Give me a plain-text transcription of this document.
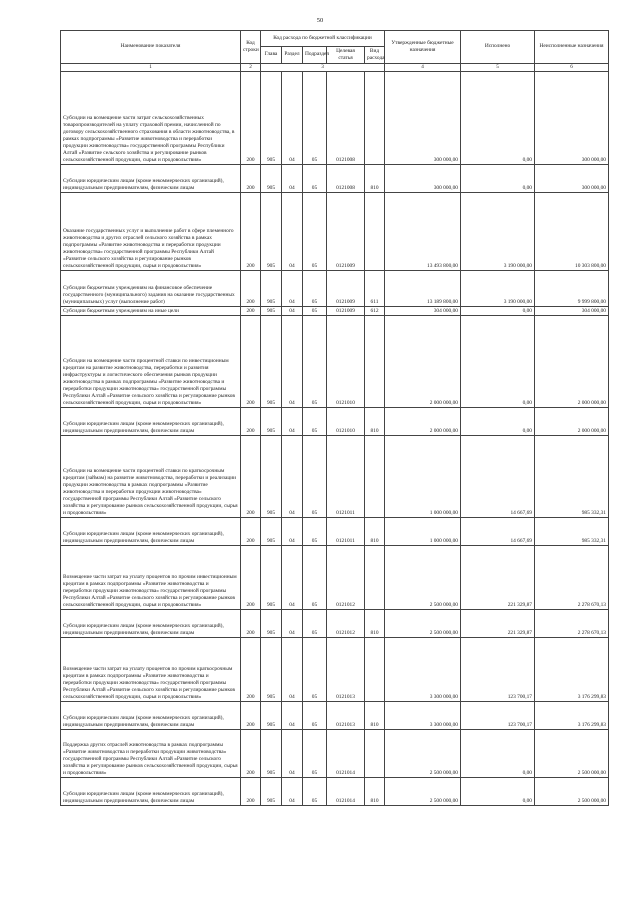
50
Наименование показателя	Код строки	Код расхода по бюджетной классификации					Утвержденные бюджетные назначения	Исполнено	Неисполненные назначения
		Глава	Раздел	Подраздел	Целевая статья	Вид расхода			
1	2	3					4	5	6
Субсидии на возмещение части затрат сельскохозяйственных товаропроизводителей на уплату страховой премии, начисленной по договору сельскохозяйственного страхования в области животноводства, в рамках подпрограммы «Развитие животноводства и переработки продукции животноводства» государственной программы Республики Алтай «Развитие сельского хозяйства и регулирование рынков сельскохозяйственной продукции, сырья и продовольствия»	200	905	04	05	0121008		300 000,00	0,00	300 000,00
Субсидии юридическим лицам (кроме некоммерческих организаций), индивидуальным предпринимателям, физическим лицам	200	905	04	05	0121008	810	300 000,00	0,00	300 000,00
Оказание государственных услуг и выполнение работ в сфере племенного животноводства и других отраслей сельского хозяйства в рамках подпрограммы «Развитие животноводства и переработки продукции животноводства» государственной программы Республики Алтай «Развитие сельского хозяйства и регулирование рынков сельскохозяйственной продукции, сырья и продовольствия»	200	905	04	05	0121009		13 493 800,00	3 190 000,00	10 303 800,00
Субсидии бюджетным учреждениям на финансовое обеспечение государственного (муниципального) задания на оказание государственных (муниципальных) услуг (выполнение работ)	200	905	04	05	0121009	611	13 189 800,00	3 190 000,00	9 999 800,00
Субсидии бюджетным учреждениям на иные цели	200	905	04	05	0121009	612	304 000,00	0,00	304 000,00
Субсидии на возмещение части процентной ставки по инвестиционным кредитам на развитие животноводства, переработки и развития инфраструктуры и логистического обеспечения рынков продукции животноводства в рамках подпрограммы «Развитие животноводства и переработки продукции животноводства» государственной программы Республики Алтай «Развитие сельского хозяйства и регулирование рынков сельскохозяйственной продукции, сырья и продовольствия»	200	905	04	05	0121010		2 000 000,00	0,00	2 000 000,00
Субсидии юридическим лицам (кроме некоммерческих организаций), индивидуальным предпринимателям, физическим лицам	200	905	04	05	0121010	810	2 000 000,00	0,00	2 000 000,00
Субсидии на возмещение части процентной ставки по краткосрочным кредитам (займам) на развитие животноводства, переработки и реализации продукции животноводства в рамках подпрограммы «Развитие животноводства и переработки продукции животноводства» государственной программы Республики Алтай «Развитие сельского хозяйства и регулирование рынков сельскохозяйственной продукции, сырья и продовольствия»	200	905	04	05	0121011		1 000 000,00	14 667,69	985 332,31
Субсидии юридическим лицам (кроме некоммерческих организаций), индивидуальным предпринимателям, физическим лицам	200	905	04	05	0121011	810	1 000 000,00	14 667,69	985 332,31
Возмещение части затрат на уплату процентов по прочим инвестиционным кредитам в рамках подпрограммы «Развитие животноводства и переработки продукции животноводства» государственной программы Республики Алтай «Развитие сельского хозяйства и регулирование рынков сельскохозяйственной продукции, сырья и продовольствия»	200	905	04	05	0121012		2 500 000,00	221 329,87	2 278 670,13
Субсидии юридическим лицам (кроме некоммерческих организаций), индивидуальным предпринимателям, физическим лицам	200	905	04	05	0121012	810	2 500 000,00	221 329,87	2 278 670,13
Возмещение части затрат на уплату процентов по прочим краткосрочным кредитам в рамках подпрограммы «Развитие животноводства и переработки продукции животноводства» государственной программы Республики Алтай «Развитие сельского хозяйства и регулирование рынков сельскохозяйственной продукции, сырья и продовольствия»	200	905	04	05	0121013		3 300 000,00	123 700,17	3 176 299,83
Субсидии юридическим лицам (кроме некоммерческих организаций), индивидуальным предпринимателям, физическим лицам	200	905	04	05	0121013	810	3 300 000,00	123 700,17	3 176 299,83
Поддержка других отраслей животноводства в рамках подпрограммы «Развитие животноводства и переработки продукции животноводства» государственной программы Республики Алтай «Развитие сельского хозяйства и регулирование рынков сельскохозяйственной продукции, сырья и продовольствия»	200	905	04	05	0121014		2 500 000,00	0,00	2 500 000,00
Субсидии юридическим лицам (кроме некоммерческих организаций), индивидуальным предпринимателям, физическим лицам	200	905	04	05	0121014	810	2 500 000,00	0,00	2 500 000,00
